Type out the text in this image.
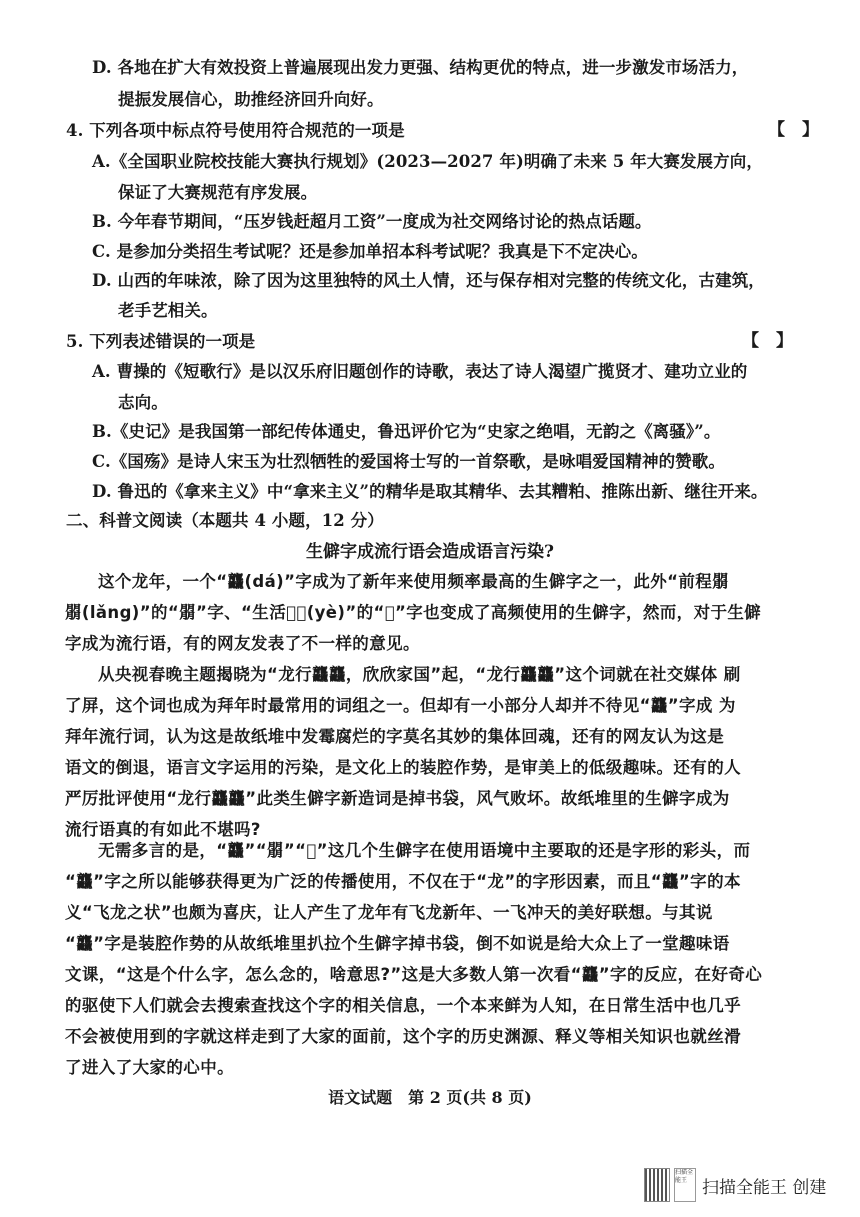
D. 各地在扩大有效投资上普遍展现出发力更强、结构更优的特点，进一步激发市场活力，
提振发展信心，助推经济回升向好。
4. 下列各项中标点符号使用符合规范的一项是	【　】
A.《全国职业院校技能大赛执行规划》(2023—2027 年)明确了未来 5 年大赛发展方向，
保证了大赛规范有序发展。
B. 今年春节期间，“压岁钱赶超月工资”一度成为社交网络讨论的热点话题。
C. 是参加分类招生考试呢？还是参加单招本科考试呢？我真是下不定决心。
D. 山西的年味浓，除了因为这里独特的风土人情，还与保存相对完整的传统文化，古建筑，
老手艺相关。
5. 下列表述错误的一项是	【　】
A. 曹操的《短歌行》是以汉乐府旧题创作的诗歌，表达了诗人渴望广揽贤才、建功立业的
志向。
B.《史记》是我国第一部纪传体通史，鲁迅评价它为“史家之绝唱，无韵之《离骚》”。
C.《国殇》是诗人宋玉为壮烈牺牲的爱国将士写的一首祭歌，是咏唱爱国精神的赞歌。
D. 鲁迅的《拿来主义》中“拿来主义”的精华是取其精华、去其糟粕、推陈出新、继往开来。
二、科普文阅读（本题共 4 小题，12 分）
生僻字成流行语会造成语言污染?
这个龙年，一个“龘(dá)”字成为了新年来使用频率最高的生僻字之一，此外“前程朤
朤(lǎng)”的“朤”字、“生活𤕫𤕫(yè)”的“𤕫”字也变成了高频使用的生僻字，然而，对于生僻
字成为流行语，有的网友发表了不一样的意见。
从央视春晚主题揭晓为“龙行龘龘，欣欣家国”起，“龙行龘龘”这个词就在社交媒体 刷
了屏，这个词也成为拜年时最常用的词组之一。但却有一小部分人却并不待见“龘”字成 为
拜年流行词，认为这是故纸堆中发霉腐烂的字莫名其妙的集体回魂，还有的网友认为这是
语文的倒退，语言文字运用的污染，是文化上的装腔作势，是审美上的低级趣味。还有的人
严厉批评使用“龙行龘龘”此类生僻字新造词是掉书袋，风气败坏。故纸堆里的生僻字成为
流行语真的有如此不堪吗?
无需多言的是，“龘”“朤”“𤕫”这几个生僻字在使用语境中主要取的还是字形的彩头，而
“龘”字之所以能够获得更为广泛的传播使用，不仅在于“龙”的字形因素，而且“龘”字的本
义“飞龙之状”也颇为喜庆，让人产生了龙年有飞龙新年、一飞冲天的美好联想。与其说
“龘”字是装腔作势的从故纸堆里扒拉个生僻字掉书袋，倒不如说是给大众上了一堂趣味语
文课，“这是个什么字，怎么念的，啥意思?”这是大多数人第一次看“龘”字的反应，在好奇心
的驱使下人们就会去搜索查找这个字的相关信息，一个本来鲜为人知，在日常生活中也几乎
不会被使用到的字就这样走到了大家的面前，这个字的历史渊源、释义等相关知识也就丝滑
了进入了大家的心中。
语文试题　第 2 页(共 8 页)
扫描全能王 扫描全能王 创建
